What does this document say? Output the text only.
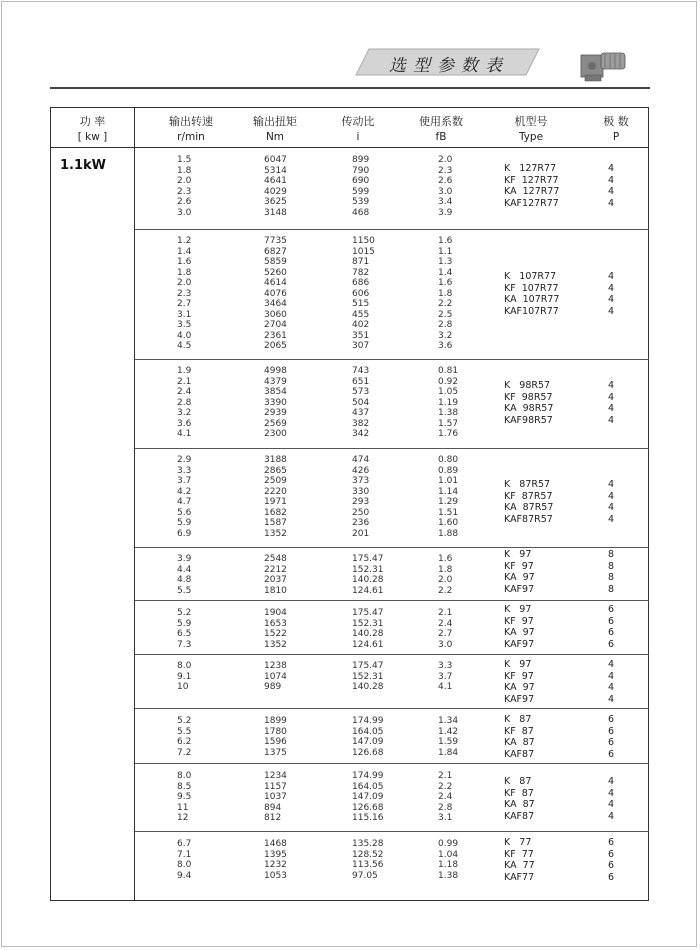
选型参数表
功 率
[ kw ]
输出转速
r/min
输出扭矩
Nm
传动比
i
使用系数
fB
机型号
Type
极 数
P
1.1kW	1.5
1.8
2.0
2.3
2.6
3.0
6047
5314
4641
4029
3625
3148
899
790
690
599
539
468
2.0
2.3
2.6
3.0
3.4
3.9
K   127R77
KF  127R77
KA  127R77
KAF127R77
4
4
4
4
1.2
1.4
1.6
1.8
2.0
2.3
2.7
3.1
3.5
4.0
4.5
7735
6827
5859
5260
4614
4076
3464
3060
2704
2361
2065
1150
1015
871
782
686
606
515
455
402
351
307
1.6
1.1
1.3
1.4
1.6
1.8
2.2
2.5
2.8
3.2
3.6
K   107R77
KF  107R77
KA  107R77
KAF107R77
4
4
4
4
1.9
2.1
2.4
2.8
3.2
3.6
4.1
4998
4379
3854
3390
2939
2569
2300
743
651
573
504
437
382
342
0.81
0.92
1.05
1.19
1.38
1.57
1.76
K   98R57
KF  98R57
KA  98R57
KAF98R57
4
4
4
4
2.9
3.3
3.7
4.2
4.7
5.6
5.9
6.9
3188
2865
2509
2220
1971
1682
1587
1352
474
426
373
330
293
250
236
201
0.80
0.89
1.01
1.14
1.29
1.51
1.60
1.88
K   87R57
KF  87R57
KA  87R57
KAF87R57
4
4
4
4
3.9
4.4
4.8
5.5
2548
2212
2037
1810
175.47
152.31
140.28
124.61
1.6
1.8
2.0
2.2
K   97
KF  97
KA  97
KAF97
8
8
8
8
5.2
5.9
6.5
7.3
1904
1653
1522
1352
175.47
152.31
140.28
124.61
2.1
2.4
2.7
3.0
K   97
KF  97
KA  97
KAF97
6
6
6
6
8.0
9.1
10
1238
1074
989
175.47
152.31
140.28
3.3
3.7
4.1
K   97
KF  97
KA  97
KAF97
4
4
4
4
5.2
5.5
6.2
7.2
1899
1780
1596
1375
174.99
164.05
147.09
126.68
1.34
1.42
1.59
1.84
K   87
KF  87
KA  87
KAF87
6
6
6
6
8.0
8.5
9.5
11
12
1234
1157
1037
894
812
174.99
164.05
147.09
126.68
115.16
2.1
2.2
2.4
2.8
3.1
K   87
KF  87
KA  87
KAF87
4
4
4
4
6.7
7.1
8.0
9.4
1468
1395
1232
1053
135.28
128.52
113.56
97.05
0.99
1.04
1.18
1.38
K   77
KF  77
KA  77
KAF77
6
6
6
6
